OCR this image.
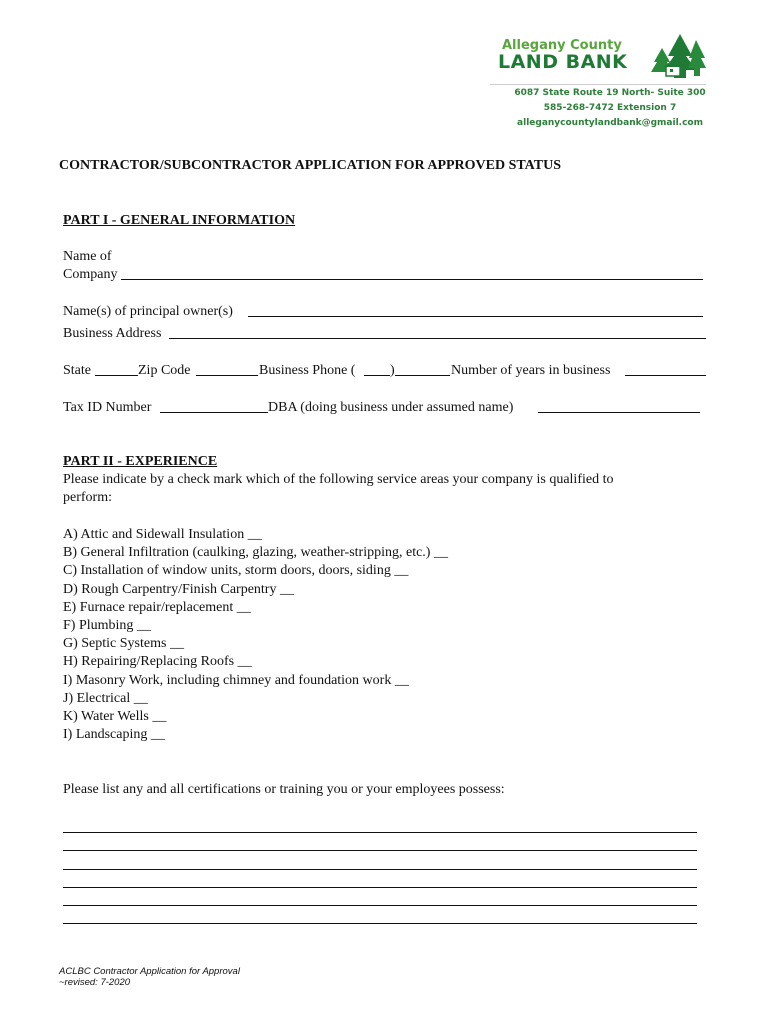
Allegany County
LAND BANK
6087 State Route 19 North- Suite 300
585-268-7472 Extension 7
alleganycountylandbank@gmail.com
CONTRACTOR/SUBCONTRACTOR APPLICATION FOR APPROVED STATUS
PART I - GENERAL INFORMATION
Name of
Company
Name(s) of principal owner(s)
Business Address
State	Zip Code	Business Phone ( )	Number of years in business
Tax ID Number	DBA (doing business under assumed name)
PART II - EXPERIENCE
Please indicate by a check mark which of the following service areas your company is qualified to
perform:
A) Attic and Sidewall Insulation __
B) General Infiltration (caulking, glazing, weather-stripping, etc.) __
C) Installation of window units, storm doors, doors, siding __
D) Rough Carpentry/Finish Carpentry __
E) Furnace repair/replacement __
F) Plumbing __
G) Septic Systems __
H) Repairing/Replacing Roofs __
I) Masonry Work, including chimney and foundation work __
J) Electrical __
K) Water Wells __
I) Landscaping __
Please list any and all certifications or training you or your employees possess:
ACLBC Contractor Application for Approval
~revised: 7-2020
